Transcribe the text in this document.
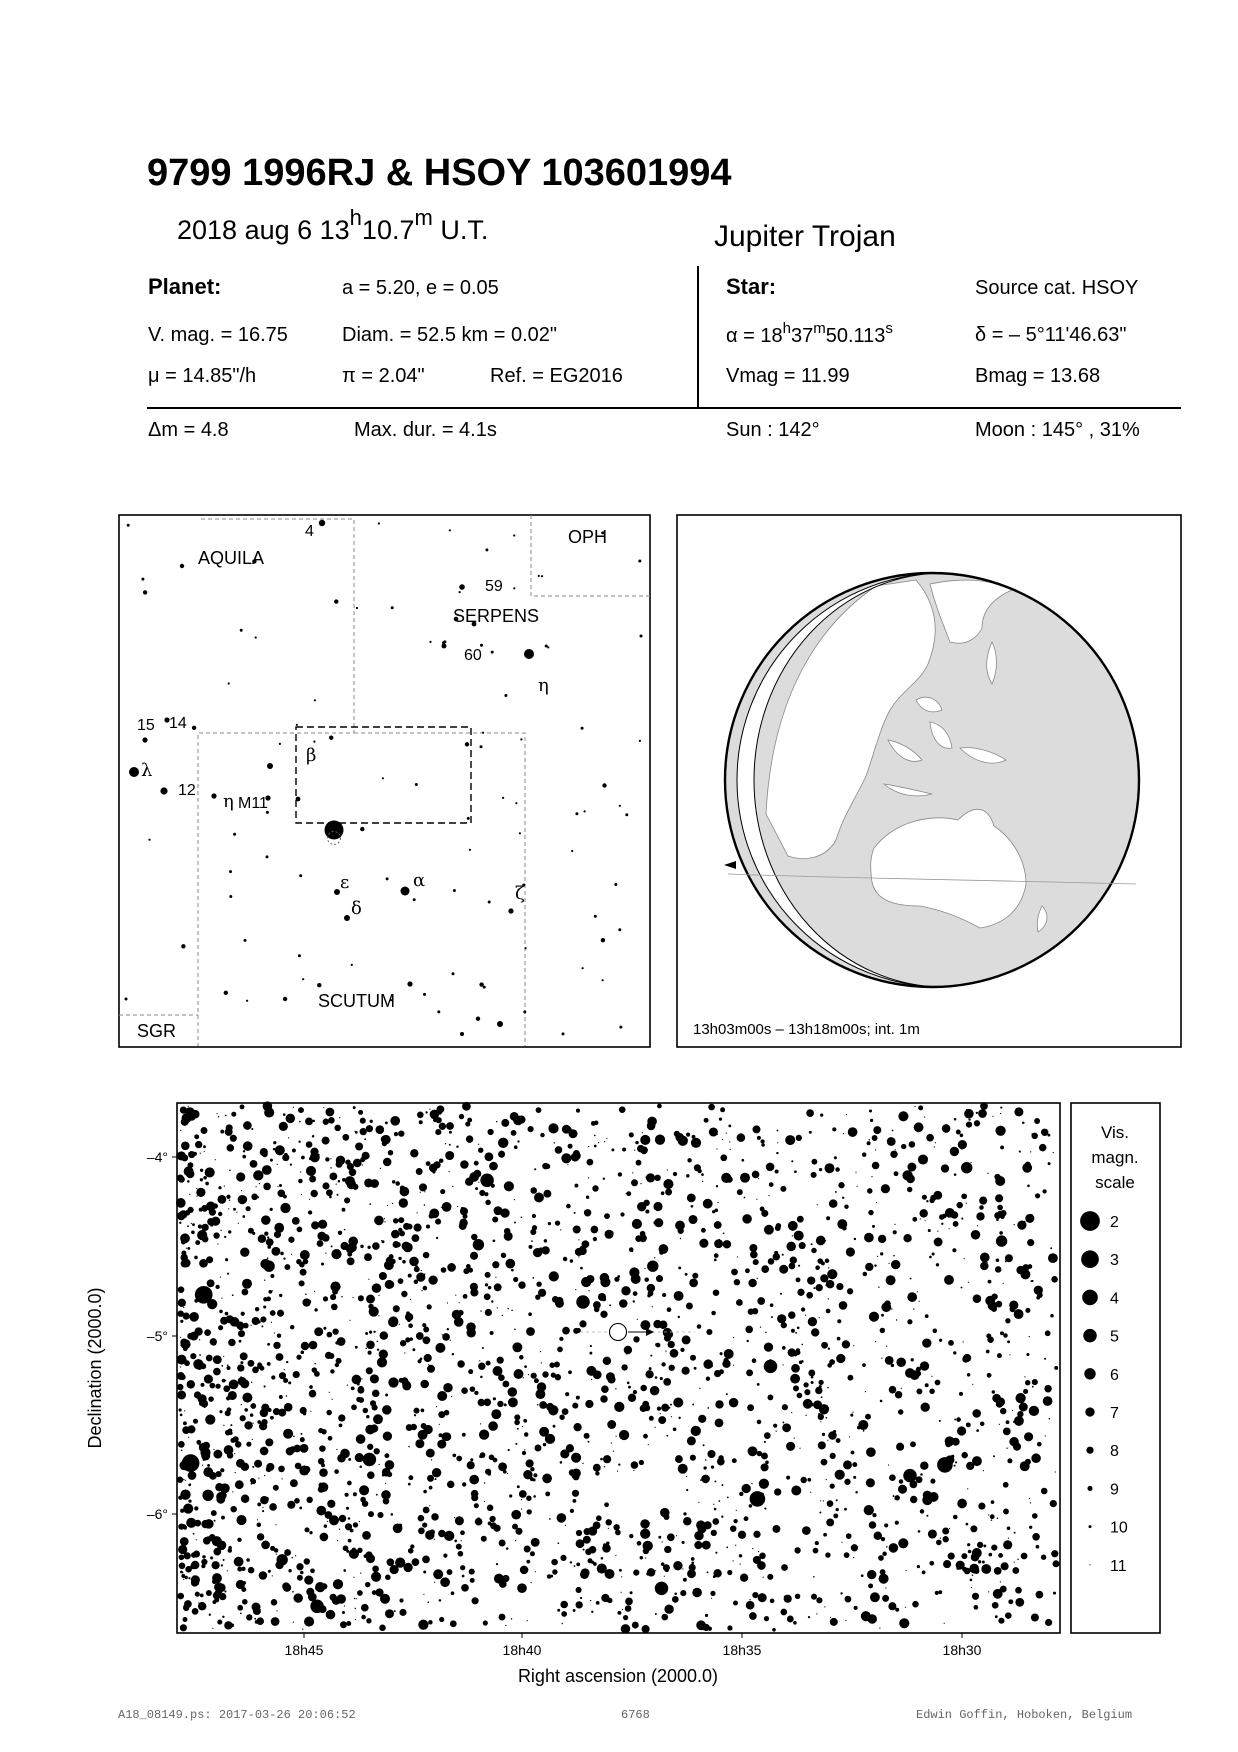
9799 1996RJ & HSOY 103601994
2018 aug 6 13$^h$10.7$^m$ U.T.	Jupiter Trojan
Planet:	a = 5.20, e = 0.05
V. mag. = 16.75	Diam. = 52.5 km = 0.02"
μ = 14.85"/h	π = 2.04"	Ref. = EG2016
Star:	Source cat. HSOY
$\alpha = 18^h37^m50.113^s$	δ = – 5°11'46.63"
Vmag = 11.99	Bmag = 13.68
Δm = 4.8	Max. dur. = 4.1s	Sun : 142°	Moon : 145° , 31%
AQUILA
OPH
SERPENS
SCUTUM
SGR
4
59
60
η
15 14
λ
12
β
η M11
ε	α
δ
ζ
13h03m00s – 13h18m00s; int. 1m
–4°
–5°
–6°
18h45	18h40	18h35	18h30
Right ascension (2000.0)
Declination (2000.0)
Vis.
magn.
scale
2
3
4
5
6
7
8
9
10
11
A18_08149.ps: 2017-03-26 20:06:52	6768	Edwin Goffin, Hoboken, Belgium
